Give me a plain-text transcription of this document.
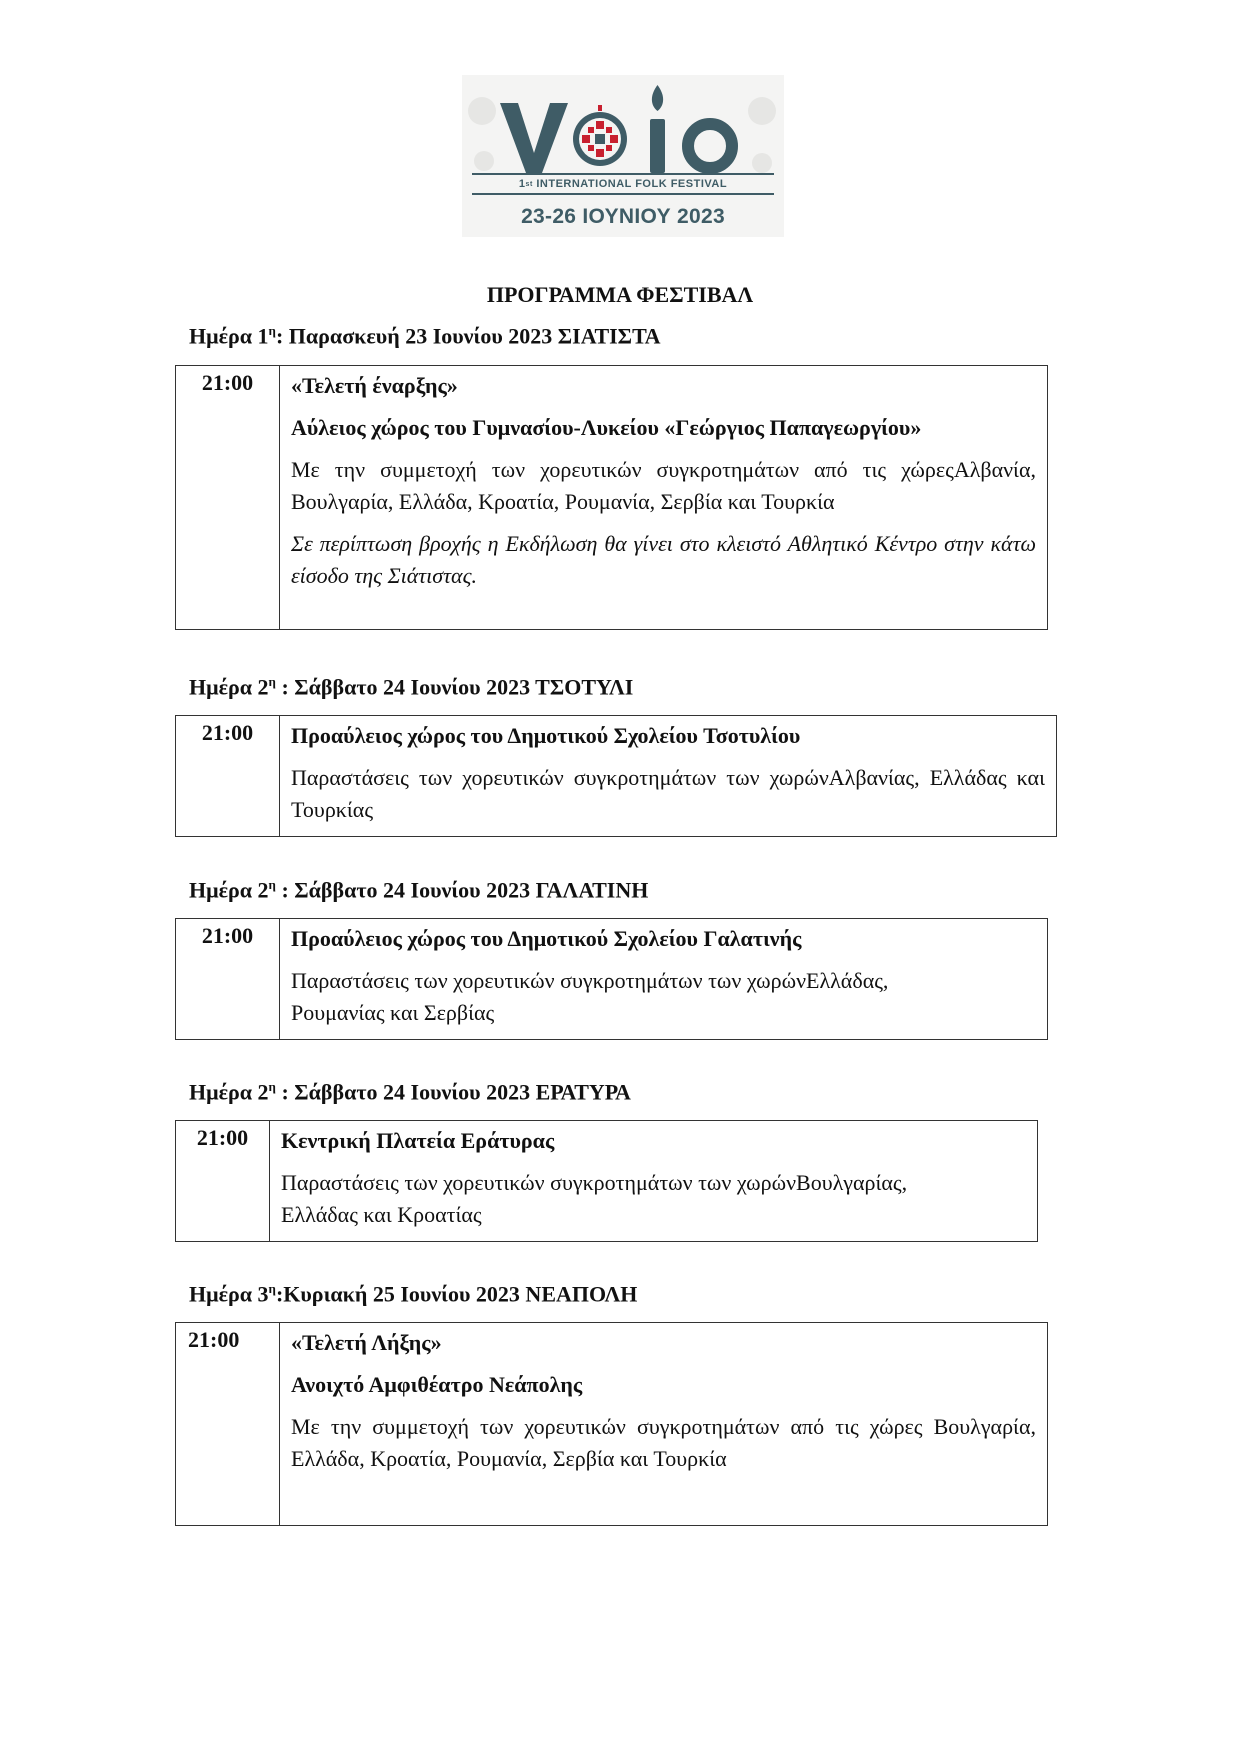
1 st
INTERNATIONAL FOLK FESTIVAL
23-26 ΙΟΥΝΙΟΥ 2023
ΠΡΟΓΡΑΜΜΑ ΦΕΣΤΙΒΑΛ

Ημέρα $1^\eta$: Παρασκευή 23 Ιουνίου 2023 ΣΙΑΤΙΣΤΑ

21:00	«Τελετή έναρξης»

Αύλειος χώρος του Γυμνασίου-Λυκείου «Γεώργιος Παπαγεωργίου»

Με την συμμετοχή των χορευτικών συγκροτημάτων από τις χώρεςΑλβανία, Βουλγαρία, Ελλάδα, Κροατία, Ρουμανία, Σερβία και Τουρκία

Σε περίπτωση βροχής η Εκδήλωση θα γίνει στο κλειστό Αθλητικό Κέντρο στην κάτω είσοδο της Σιάτιστας.

Ημέρα $2^\eta$ : Σάββατο 24 Ιουνίου 2023 ΤΣΟΤΥΛΙ

21:00	Προαύλειος χώρος του Δημοτικού Σχολείου Τσοτυλίου

Παραστάσεις των χορευτικών συγκροτημάτων των χωρώνΑλβανίας, Ελλάδας και Τουρκίας

Ημέρα $2^\eta$ : Σάββατο 24 Ιουνίου 2023 ΓΑΛΑΤΙΝΗ

21:00	Προαύλειος χώρος του Δημοτικού Σχολείου Γαλατινής

Παραστάσεις των χορευτικών συγκροτημάτων των χωρώνΕλλάδας,

Ρουμανίας και Σερβίας

Ημέρα $2^\eta$ : Σάββατο 24 Ιουνίου 2023 ΕΡΑΤΥΡΑ

21:00	Κεντρική Πλατεία Εράτυρας

Παραστάσεις των χορευτικών συγκροτημάτων των χωρώνΒουλγαρίας,

Ελλάδας και Κροατίας

Ημέρα $3^\eta:K\upsilon\rho\iota\alpha\kappa ή$ 25 Ιουνίου 2023 ΝΕΑΠΟΛΗ

21:00	«Τελετή Λήξης»

Ανοιχτό Αμφιθέατρο Νεάπολης

Με την συμμετοχή των χορευτικών συγκροτημάτων από τις χώρες Βουλγαρία, Ελλάδα, Κροατία, Ρουμανία, Σερβία και Τουρκία
